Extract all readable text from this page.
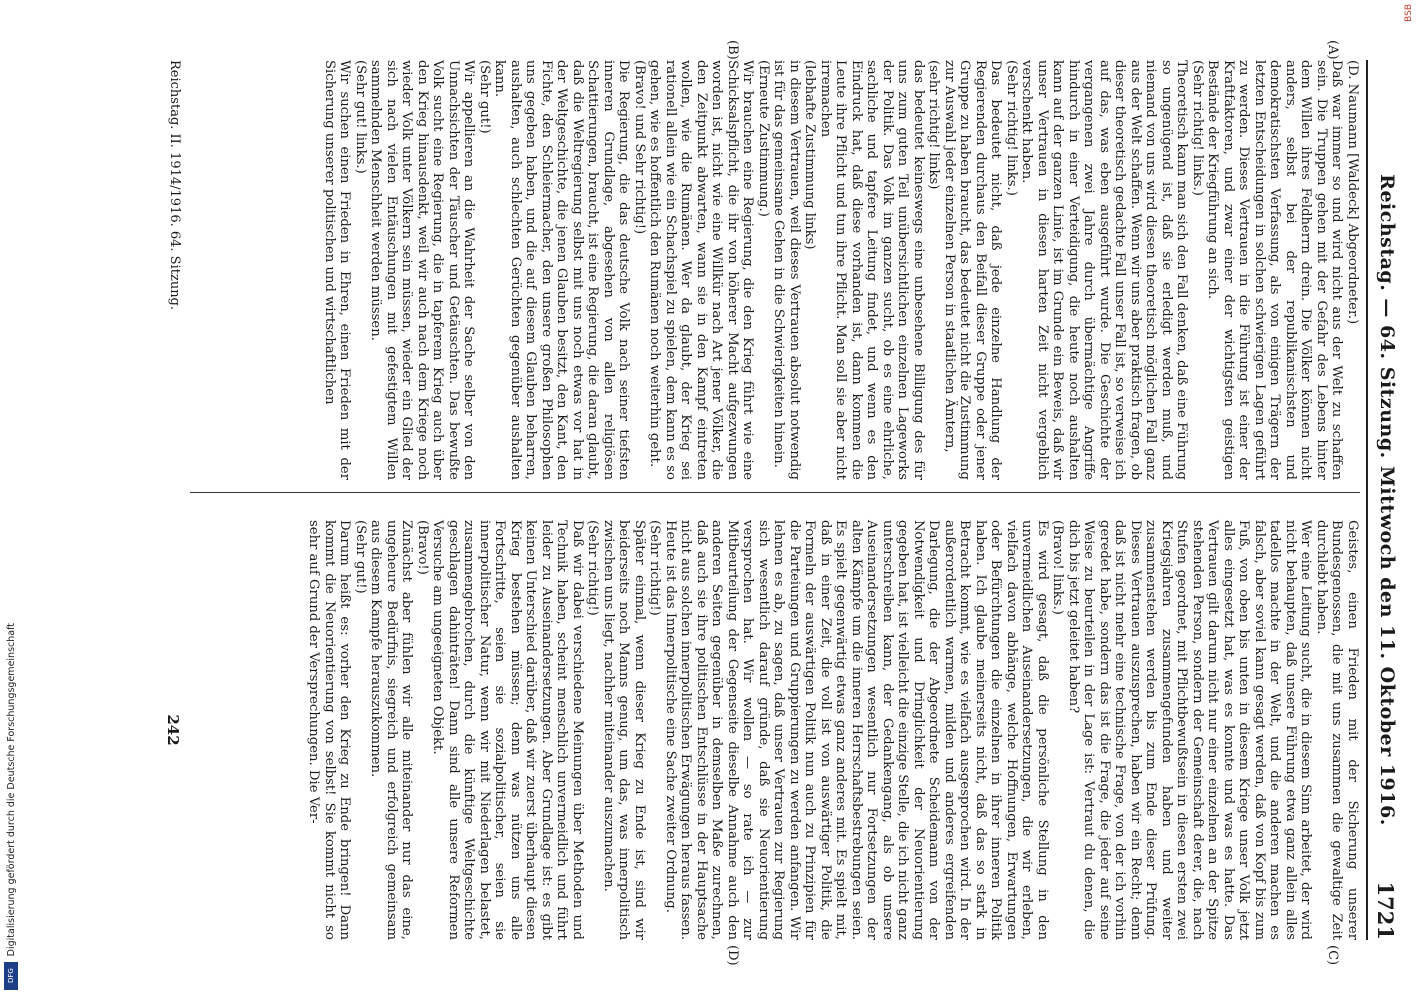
Reichstag. — 64. Sitzung. Mittwoch den 11. Oktober 1916.
1721
(A)
(B)
(C)
(D)
(D. Naumann [Waldeck] Abgeordneter.)
Daß war immer so und wird nicht aus der Welt zu schaffen sein. Die Truppen gehen mit der Gefahr des Lebens hinter dem Willen ihres Feldherrn drein. Die Völker können nicht anders, selbst bei der republikanischsten und demokratischsten Verfassung, als von einigen Trägern der letzten Entscheidungen in solchen schwierigen Lagen geführt zu werden. Dieses Vertrauen in die Führung ist einer der Kraftfaktoren, und zwar einer der wichtigsten geistigen Bestände der Kriegführung an sich.
(Sehr richtig! links.)
Theoretisch kann man sich den Fall denken, daß eine Führung so ungenügend ist, daß sie erledigt werden muß, und niemand von uns wird diesen theoretisch möglichen Fall ganz aus der Welt schaffen. Wenn wir uns aber praktisch fragen, ob dieser theoretisch gedachte Fall unser Fall ist, so verweise ich auf das, was eben ausgeführt wurde. Die Geschichte der vergangenen zwei Jahre durch übermächtige Angriffe hindurch in einer Verteidigung, die heute noch aushalten kann auf der ganzen Linie, ist im Grunde ein Beweis, daß wir unser Vertrauen in diesen harten Zeit nicht vergeblich verschenkt haben.
(Sehr richtig! links.)
Das bedeutet nicht, daß jede einzelne Handlung der Regierenden durchaus den Beifall dieser Gruppe oder jener Gruppe zu haben braucht, das bedeutet nicht die Zustimmung zur Auswahl jeder einzelnen Person in staatlichen Ämtern,
(sehr richtig! links)
das bedeutet keineswegs eine unbesehene Billigung des für uns zum guten Teil unübersichtlichen einzelnen Lageworks der Politik. Das Volk im ganzen sucht, ob es eine ehrliche, sachliche und tapfere Leitung findet, und wenn es den Eindruck hat, daß diese vorhanden ist, dann kommen die Leute ihre Pflicht und tun ihre Pflicht. Man soll sie aber nicht irremachen
(lebhafte Zustimmung links)
in diesem Vertrauen, weil dieses Vertrauen absolut notwendig ist für das gemeinsame Gehen in die Schwierigkeiten hinein.
(Erneute Zustimmung.)
Wir brauchen eine Regierung, die den Krieg führt wie eine Schicksalspflicht, die ihr von höherer Macht aufgezwungen worden ist, nicht wie eine Willkür nach Art jener Völker, die den Zeitpunkt abwarten, wann sie in den Kampf eintreten wollen, wie die Rumänen. Wer da glaubt, der Krieg sei rationell allein wie ein Schachspiel zu spielen, dem kann es so gehen, wie es hoffentlich den Rumänen noch weiterhin geht.
(Bravo! und Sehr richtig!)
Die Regierung, die das deutsche Volk nach seiner tiefsten inneren Grundlage, abgesehen von allen religiösen Schattierungen, braucht, ist eine Regierung, die daran glaubt, daß die Weltregierung selbst mit uns noch etwas vor hat in der Weltgeschichte, die jenen Glauben besitzt, den Kant, den Fichte, den Schleiermacher, den unsere großen Philosophen uns gegeben haben, und die auf diesem Glauben beharren, aushalten, auch schlechten Gerüchten gegenüber aushalten kann.
(Sehr gut!)
Wir appellieren an die Wahrheit der Sache selber von den Unnachsichten der Täuscher und Getäuschten. Das bewußte Volk sucht eine Regierung, die in tapferem Krieg auch über den Krieg hinausdenkt, weil wir auch nach dem Kriege noch wieder Volk unter Völkern sein müssen, wieder ein Glied der sich nach vielen Entäuschungen mit gefestigtem Willen sammelnden Menschheit werden müssen.
(Sehr gut! links.)
Wir suchen einen Frieden in Ehren, einen Frieden mit der Sicherung unserer politischen und wirtschaftlichen
Geistes, einen Frieden mit der Sicherung unserer Bundesgenossen, die mit uns zusammen die gewaltige Zeit durchlebt haben.
Wer eine Leitung sucht, die in diesem Sinn arbeitet, der wird nicht behaupten, daß unsere Führung etwa ganz allein alles tadellos machte in der Welt, und die anderen machen es falsch, aber soviel kann gesagt werden, daß von Kopf bis zum Fuß, von oben bis unten in diesem Kriege unser Volk jetzt alles eingesetzt hat, was es konnte und was es hatte. Das Vertrauen gilt darum nicht nur einer einzelnen an der Spitze stehenden Person, sondern der Gemeinschaft derer, die, nach Stufen geordnet, mit Pflichtbewußtsein in diesen ersten zwei Kriegsjahren zusammengefunden haben und weiter zusammenstehen werden bis zum Ende dieser Prüfung. Dieses Vertrauen auszusprechen, haben wir ein Recht; denn daß ist nicht mehr eine technische Frage, von der ich vorhin geredet habe, sondern das ist die Frage, die jeder auf seine Weise zu beurteilen in der Lage ist: Vertraut du denen, die dich bis jetzt geleitet haben?
(Bravo! links.)
Es wird gesagt, daß die persönliche Stellung in den unvermeidlichen Auseinandersetzungen, die wir erleben, vielfach davon abhänge, welche Hoffnungen, Erwartungen oder Befürchtungen die einzelnen in ihrer inneren Politik haben. Ich glaube meinerseits nicht, daß das so stark in Betracht kommt, wie es vielfach ausgesprochen wird. In der außerordentlich warmen, milden und anderes ergreifenden Darlegung, die der Abgeordnete Scheidemann von der Notwendigkeit und Dringlichkeit der Neuorientierung gegeben hat, ist vielleicht die einzige Stelle, die ich nicht ganz unterschreiben kann, der Gedankengang, als ob unsere Auseinandersetzungen wesentlich nur Fortsetzungen der alten Kämpfe um die inneren Herrschaftsbestrebungen seien. Es spielt gegenwärtig etwas ganz anderes mit. Es spielt mit, daß in einer Zeit, die voll ist von auswärtiger Politik, die Formeln der auswärtigen Politik nun auch zu Prinzipien für die Parteiungen und Gruppierungen zu werden anfangen. Wir lehnen es ab, zu sagen, daß unser Vertrauen zur Regierung sich wesentlich darauf gründe, daß sie Neuorientierung versprochen hat. Wir wollen — so rate ich — zur Mitbeurteilung der Gegenseite dieselbe Annahme auch den anderen Seiten gegenüber in demselben Maße zurechnen, daß auch sie ihre politischen Entschlüsse in der Hauptsache nicht aus solchen innerpolitischen Erwägungen heraus fassen. Heute ist das Innerpolitische eine Sache zweiter Ordnung.
(Sehr richtig!)
Später einmal, wenn dieser Krieg zu Ende ist, sind wir beiderseits noch Manns genug, um das, was innerpolitisch zwischen uns liegt, nachher miteinander auszumachen.
(Sehr richtig!)
Daß wir dabei verschiedene Meinungen über Methoden und Technik haben, scheint menschlich unvermeidlich und führt leider zu Auseinandersetzungen. Aber Grundlage ist: es gibt keinen Unterschied darüber, daß wir zuerst überhaupt diesen Krieg bestehen müssen; denn was nützen uns alle Fortschritte, seien sie sozialpolitischer, seien sie innerpolitischer Natur, wenn wir mit Niederlagen belastet, zusammengebrochen, durch die künftige Weltgeschichte geschlagen dahinträten! Dann sind alle unsere Reformen Versuche am ungeeigneten Objekt.
(Bravo!)
Zunächst aber fühlen wir alle miteinander nur das eine, ungeheure Bedürfnis, siegreich und erfolgreich gemeinsam aus diesem Kampfe herauszukommen.
(Sehr gut!)
Darum heißt es: vorher den Krieg zu Ende bringen! Dann kommt die Neuorientierung von selbst! Sie kommt nicht so sehr auf Grund der Versprechungen. Die Ver-
Reichstag. II. 1914/1916. 64. Sitzung.
242
BSB
Digitalisierung gefördert durch die Deutsche Forschungsgemeinschaft
DFG
